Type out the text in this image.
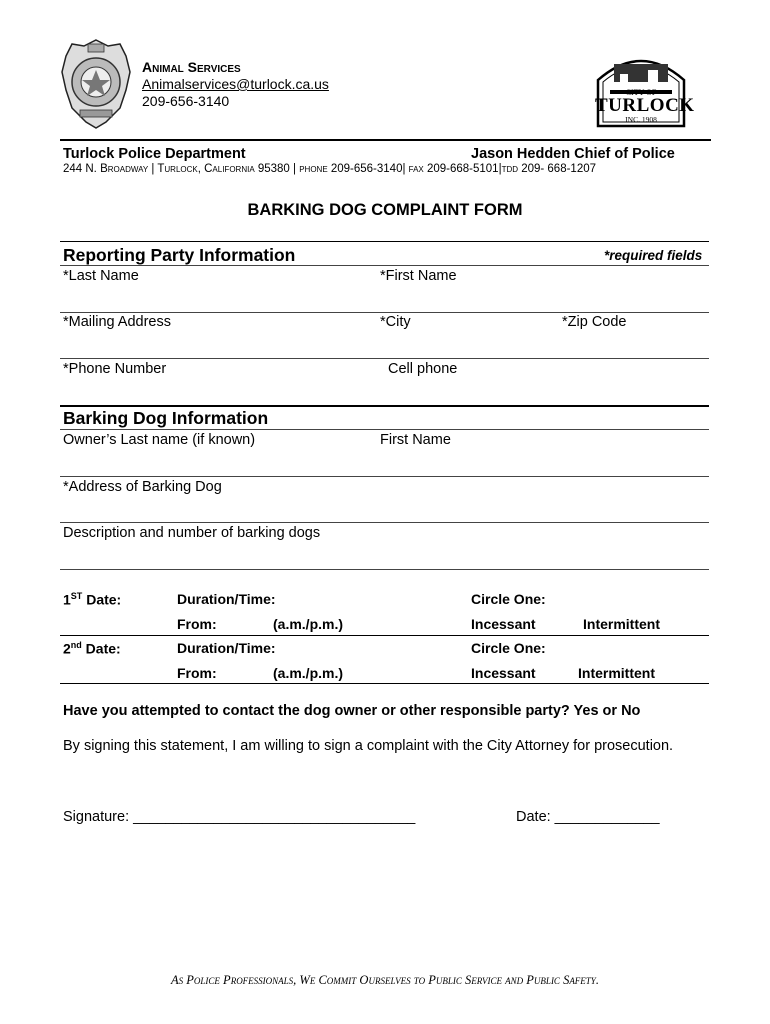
Animal Services
Animalservices@turlock.ca.us
209-656-3140
CITY OF
TURLOCK
INC. 1908
Turlock Police Department	Jason Hedden Chief of Police
244 N. Broadway | Turlock, California 95380 | phone 209-656-3140| fax 209-668-5101|tdd 209- 668-1207
BARKING DOG COMPLAINT FORM
Reporting Party Information	*required fields
*Last Name	*First Name
*Mailing Address	*City	*Zip Code
*Phone Number	Cell phone
Barking Dog Information
Owner’s Last name (if known)	First Name
*Address of Barking Dog
Description and number of barking dogs
1ST Date:	Duration/Time:	Circle One:
From:	(a.m./p.m.)	Incessant	Intermittent
2nd Date:	Duration/Time:	Circle One:
From:	(a.m./p.m.)	Incessant	Intermittent
Have you attempted to contact the dog owner or other responsible party? Yes or No
By signing this statement, I am willing to sign a complaint with the City Attorney for prosecution.
Signature: ___________________________________	Date: _____________
As Police Professionals, We Commit Ourselves to Public Service and Public Safety.
